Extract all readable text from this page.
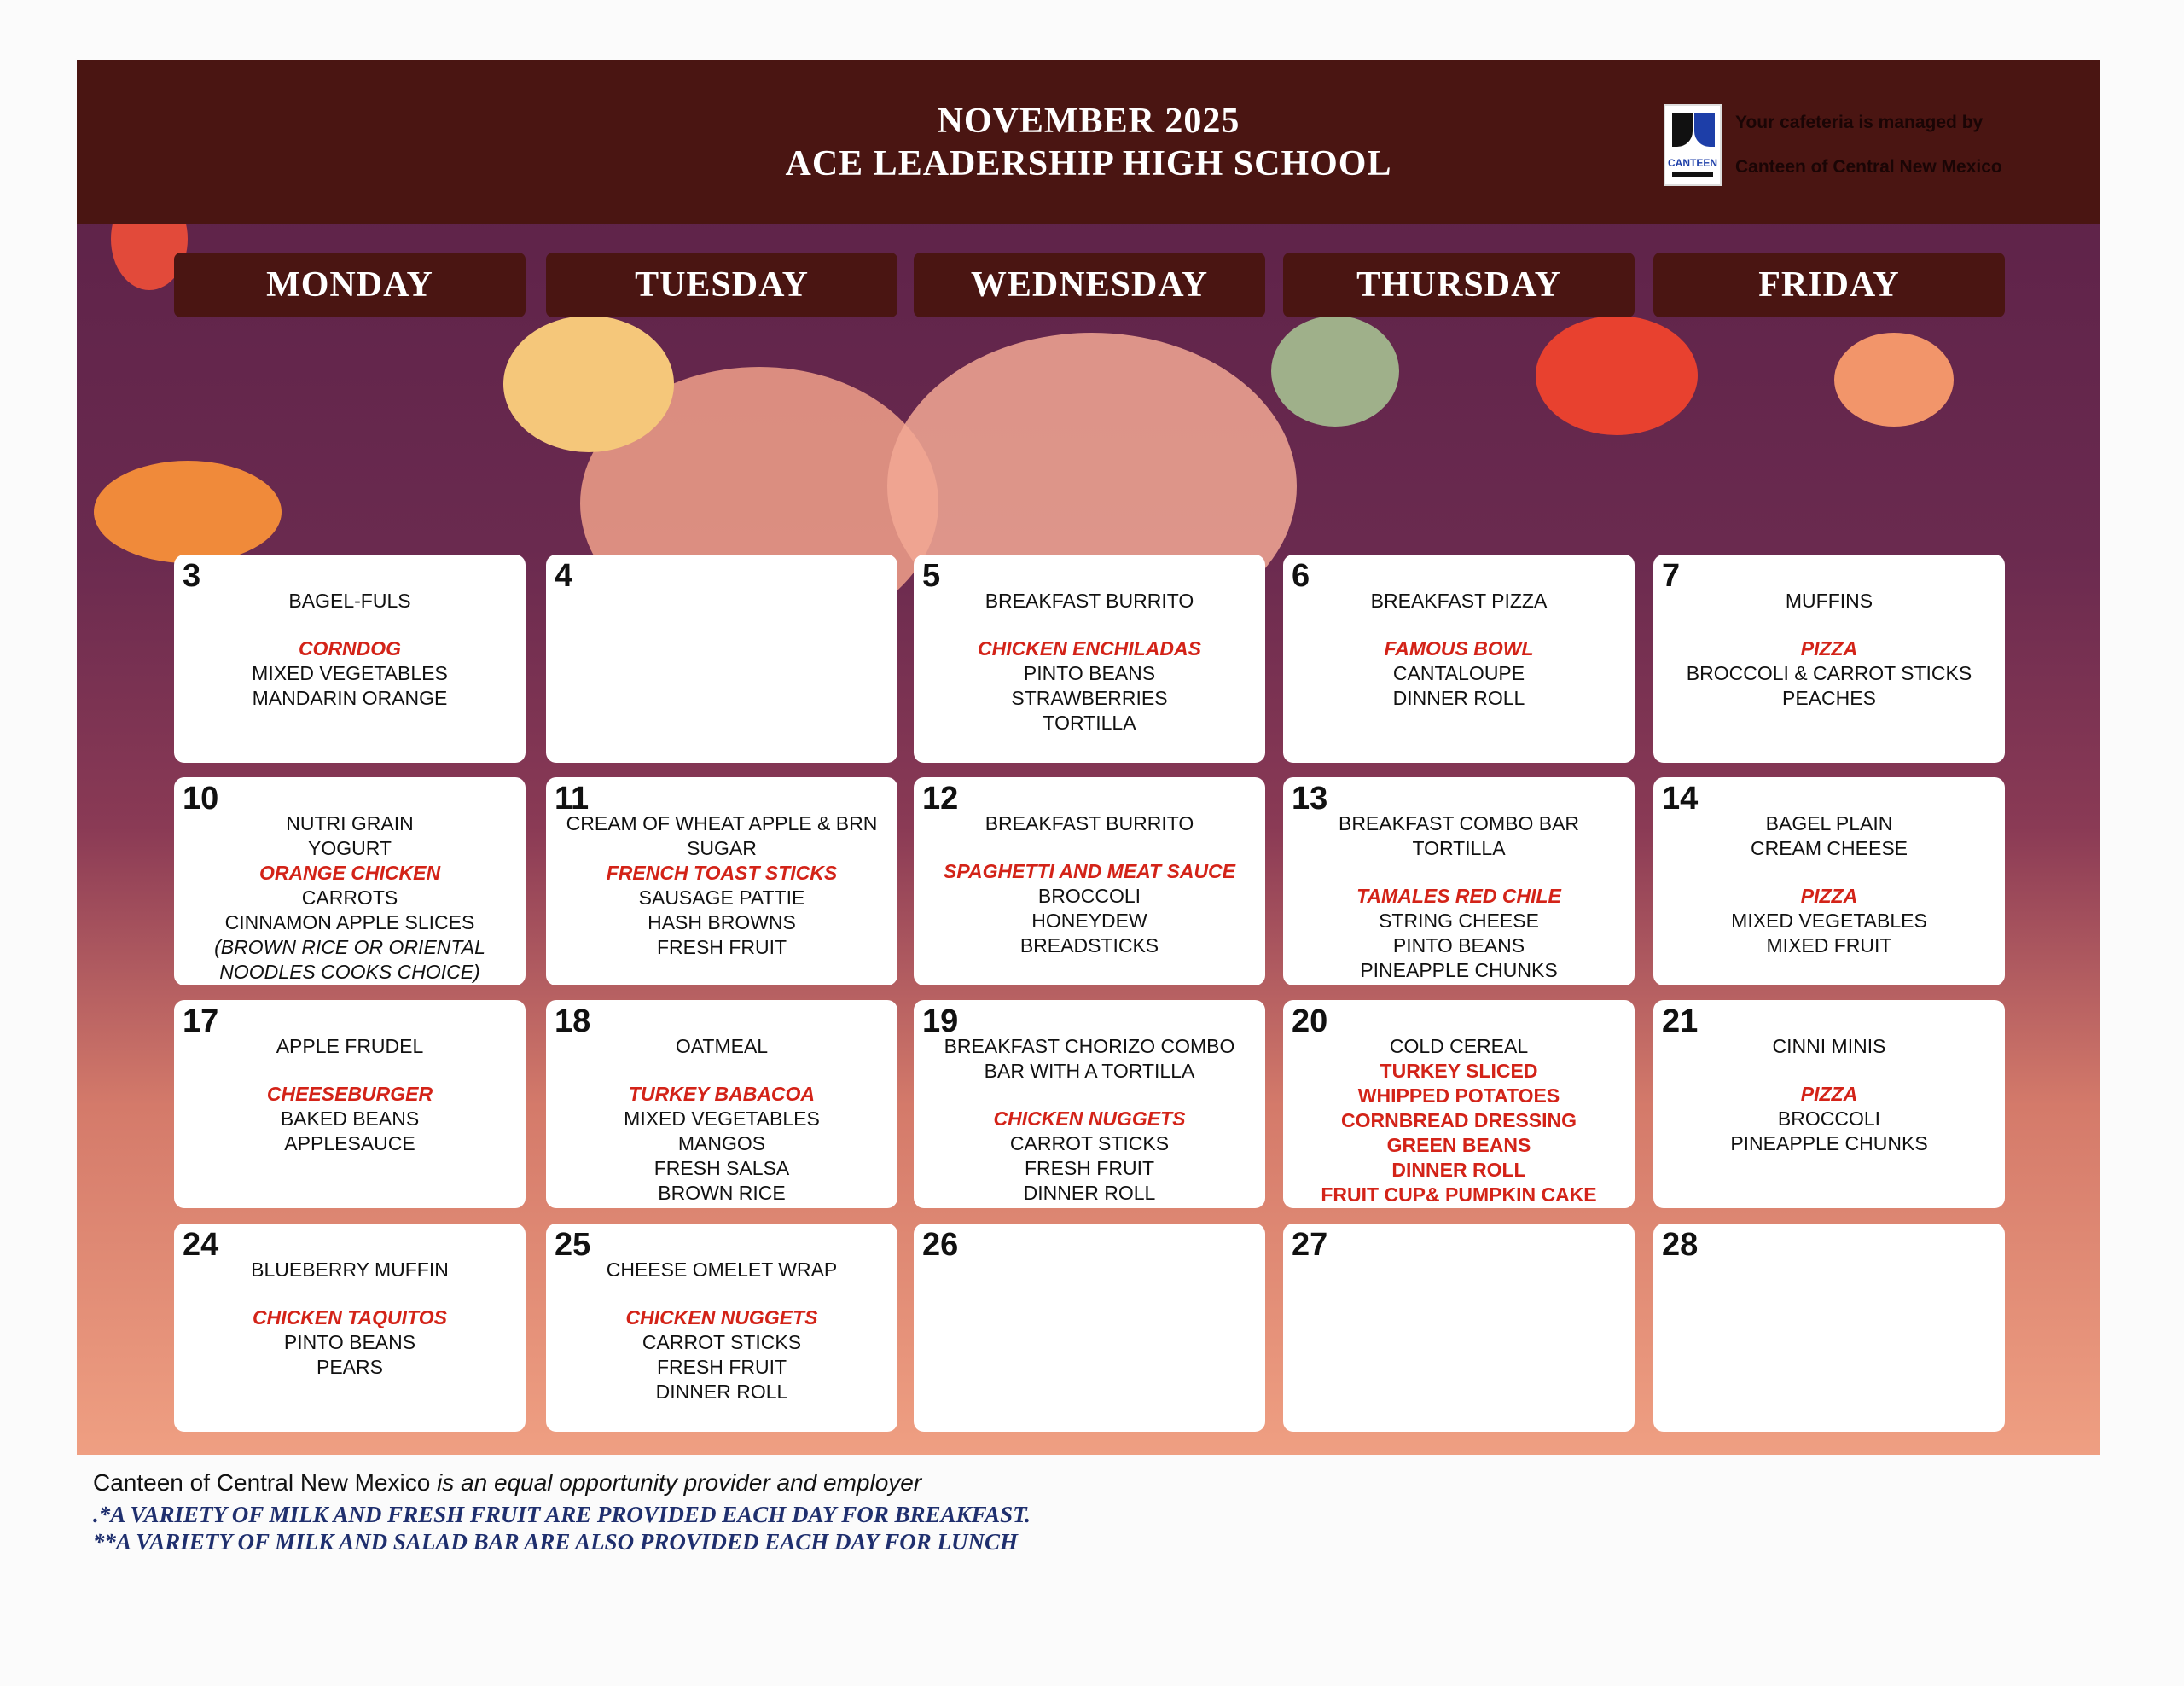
NOVEMBER 2025
ACE LEADERSHIP HIGH SCHOOL	CANTEEN
Your cafeteria is managed by
Canteen of Central New Mexico
MONDAY	TUESDAY	WEDNESDAY	THURSDAY	FRIDAY
3
BAGEL-FULS
CORNDOG
MIXED VEGETABLES
MANDARIN ORANGE
4	5
BREAKFAST BURRITO
CHICKEN ENCHILADAS
PINTO BEANS
STRAWBERRIES
TORTILLA
6
BREAKFAST PIZZA
FAMOUS BOWL
CANTALOUPE
DINNER ROLL
7
MUFFINS
PIZZA
BROCCOLI & CARROT STICKS
PEACHES
10
NUTRI GRAIN
YOGURT
ORANGE CHICKEN
CARROTS
CINNAMON APPLE SLICES
(BROWN RICE OR ORIENTAL
NOODLES COOKS CHOICE)
11
CREAM OF WHEAT APPLE & BRN
SUGAR
FRENCH TOAST STICKS
SAUSAGE PATTIE
HASH BROWNS
FRESH FRUIT
12
BREAKFAST BURRITO
SPAGHETTI AND MEAT SAUCE
BROCCOLI
HONEYDEW
BREADSTICKS
13
BREAKFAST COMBO BAR
TORTILLA
TAMALES RED CHILE
STRING CHEESE
PINTO BEANS
PINEAPPLE CHUNKS
14
BAGEL PLAIN
CREAM CHEESE
PIZZA
MIXED VEGETABLES
MIXED FRUIT
17
APPLE FRUDEL
CHEESEBURGER
BAKED BEANS
APPLESAUCE
18
OATMEAL
TURKEY BABACOA
MIXED VEGETABLES
MANGOS
FRESH SALSA
BROWN RICE
19
BREAKFAST CHORIZO COMBO
BAR WITH A TORTILLA
CHICKEN NUGGETS
CARROT STICKS
FRESH FRUIT
DINNER ROLL
20
COLD CEREAL
TURKEY SLICED
WHIPPED POTATOES
CORNBREAD DRESSING
GREEN BEANS
DINNER ROLL
FRUIT CUP& PUMPKIN CAKE
21
CINNI MINIS
PIZZA
BROCCOLI
PINEAPPLE CHUNKS
24
BLUEBERRY MUFFIN
CHICKEN TAQUITOS
PINTO BEANS
PEARS
25
CHEESE OMELET WRAP
CHICKEN NUGGETS
CARROT STICKS
FRESH FRUIT
DINNER ROLL
26	27	28
Canteen of Central New Mexico is an equal opportunity provider and employer
.*A VARIETY OF MILK AND FRESH FRUIT ARE PROVIDED EACH DAY FOR BREAKFAST.
**A VARIETY OF MILK AND SALAD BAR ARE ALSO PROVIDED EACH DAY FOR LUNCH
